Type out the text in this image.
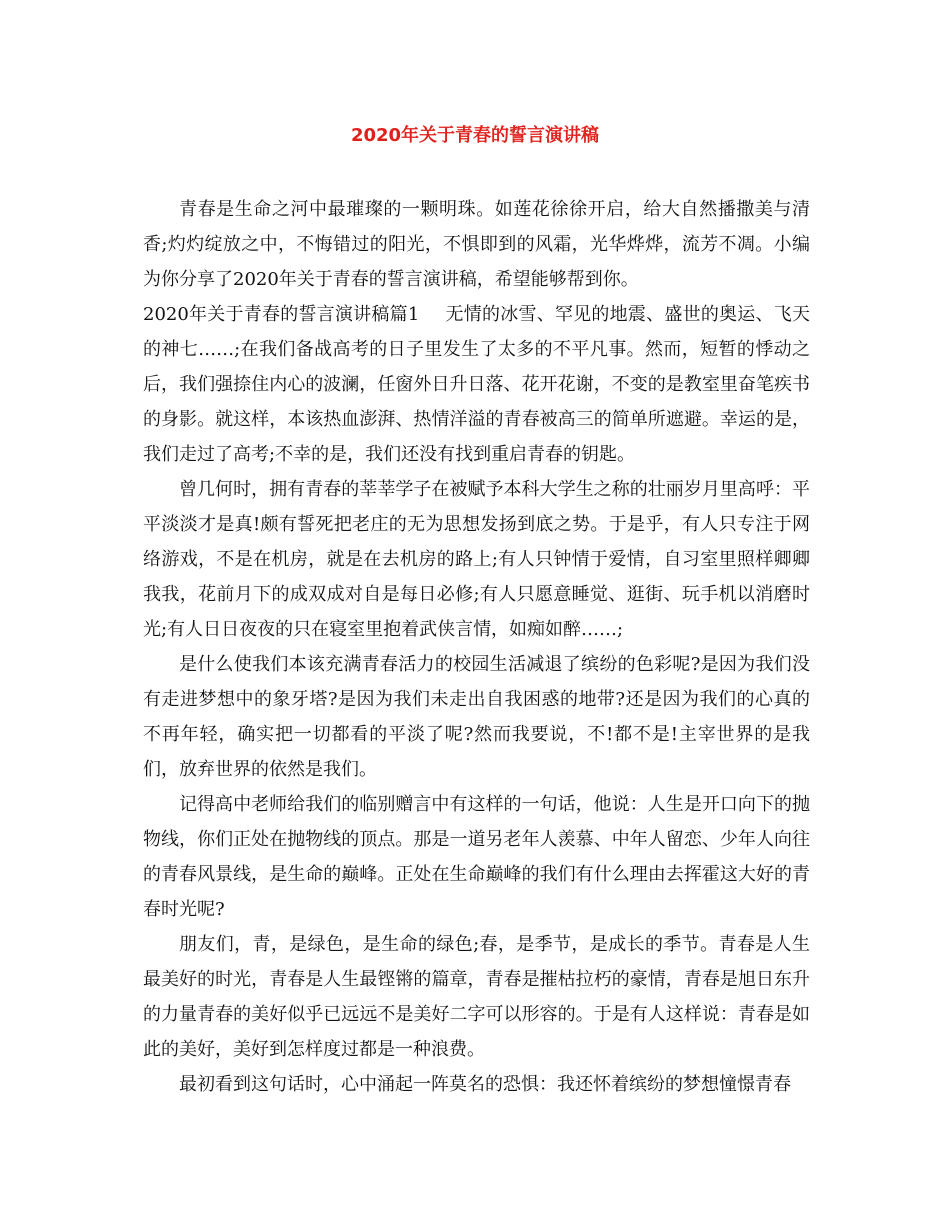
2020年关于青春的誓言演讲稿

青春是生命之河中最璀璨的一颗明珠。如莲花徐徐开启，给大自然播撒美与清香;灼灼绽放之中，不悔错过的阳光，不惧即到的风霜，光华烨烨，流芳不凋。小编为你分享了2020年关于青春的誓言演讲稿，希望能够帮到你。

2020年关于青春的誓言演讲稿篇1 无情的冰雪、罕见的地震、盛世的奥运、飞天的神七……;在我们备战高考的日子里发生了太多的不平凡事。然而，短暂的悸动之后，我们强捺住内心的波澜，任窗外日升日落、花开花谢，不变的是教室里奋笔疾书的身影。就这样，本该热血澎湃、热情洋溢的青春被高三的简单所遮避。幸运的是，我们走过了高考;不幸的是，我们还没有找到重启青春的钥匙。

曾几何时，拥有青春的莘莘学子在被赋予本科大学生之称的壮丽岁月里高呼：平平淡淡才是真!颇有誓死把老庄的无为思想发扬到底之势。于是乎，有人只专注于网络游戏，不是在机房，就是在去机房的路上;有人只钟情于爱情，自习室里照样卿卿我我，花前月下的成双成对自是每日必修;有人只愿意睡觉、逛街、玩手机以消磨时光;有人日日夜夜的只在寝室里抱着武侠言情，如痴如醉……;

是什么使我们本该充满青春活力的校园生活减退了缤纷的色彩呢?是因为我们没有走进梦想中的象牙塔?是因为我们未走出自我困惑的地带?还是因为我们的心真的不再年轻，确实把一切都看的平淡了呢?然而我要说，不!都不是!主宰世界的是我们，放弃世界的依然是我们。

记得高中老师给我们的临别赠言中有这样的一句话，他说：人生是开口向下的抛物线，你们正处在抛物线的顶点。那是一道另老年人羡慕、中年人留恋、少年人向往的青春风景线，是生命的巅峰。正处在生命巅峰的我们有什么理由去挥霍这大好的青春时光呢?

朋友们，青，是绿色，是生命的绿色;春，是季节，是成长的季节。青春是人生最美好的时光，青春是人生最铿锵的篇章，青春是摧枯拉朽的豪情，青春是旭日东升的力量青春的美好似乎已远远不是美好二字可以形容的。于是有人这样说：青春是如此的美好，美好到怎样度过都是一种浪费。

最初看到这句话时，心中涌起一阵莫名的恐惧：我还怀着缤纷的梦想憧憬青春
